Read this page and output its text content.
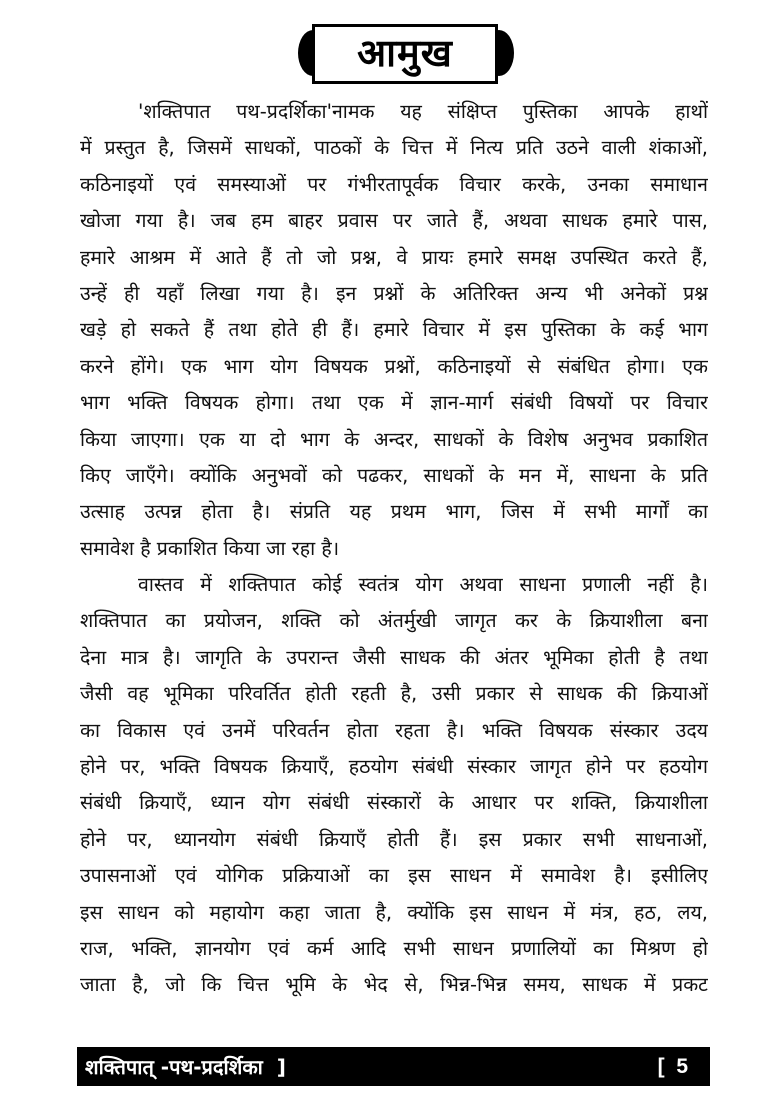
आमुख
'शक्तिपात पथ-प्रदर्शिका'नामक यह संक्षिप्त पुस्तिका आपके हाथों
में प्रस्तुत है, जिसमें साधकों, पाठकों के चित्त में नित्य प्रति उठने वाली शंकाओं,
कठिनाइयों एवं समस्याओं पर गंभीरतापूर्वक विचार करके, उनका समाधान
खोजा गया है। जब हम बाहर प्रवास पर जाते हैं, अथवा साधक हमारे पास,
हमारे आश्रम में आते हैं तो जो प्रश्न, वे प्रायः हमारे समक्ष उपस्थित करते हैं,
उन्हें ही यहाँ लिखा गया है। इन प्रश्नों के अतिरिक्त अन्य भी अनेकों प्रश्न
खड़े हो सकते हैं तथा होते ही हैं। हमारे विचार में इस पुस्तिका के कई भाग
करने होंगे। एक भाग योग विषयक प्रश्नों, कठिनाइयों से संबंधित होगा। एक
भाग भक्ति विषयक होगा। तथा एक में ज्ञान-मार्ग संबंधी विषयों पर विचार
किया जाएगा। एक या दो भाग के अन्दर, साधकों के विशेष अनुभव प्रकाशित
किए जाएँगे। क्योंकि अनुभवों को पढकर, साधकों के मन में, साधना के प्रति
उत्साह उत्पन्न होता है। संप्रति यह प्रथम भाग, जिस में सभी मार्गों का
समावेश है प्रकाशित किया जा रहा है।
वास्तव में शक्तिपात कोई स्वतंत्र योग अथवा साधना प्रणाली नहीं है।
शक्तिपात का प्रयोजन, शक्ति को अंतर्मुखी जागृत कर के क्रियाशीला बना
देना मात्र है। जागृति के उपरान्त जैसी साधक की अंतर भूमिका होती है तथा
जैसी वह भूमिका परिवर्तित होती रहती है, उसी प्रकार से साधक की क्रियाओं
का विकास एवं उनमें परिवर्तन होता रहता है। भक्ति विषयक संस्कार उदय
होने पर, भक्ति विषयक क्रियाएँ, हठयोग संबंधी संस्कार जागृत होने पर हठयोग
संबंधी क्रियाएँ, ध्यान योग संबंधी संस्कारों के आधार पर शक्ति, क्रियाशीला
होने पर, ध्यानयोग संबंधी क्रियाएँ होती हैं। इस प्रकार सभी साधनाओं,
उपासनाओं एवं योगिक प्रक्रियाओं का इस साधन में समावेश है। इसीलिए
इस साधन को महायोग कहा जाता है, क्योंकि इस साधन में मंत्र, हठ, लय,
राज, भक्ति, ज्ञानयोग एवं कर्म आदि सभी साधन प्रणालियों का मिश्रण हो
जाता है, जो कि चित्त भूमि के भेद से, भिन्न-भिन्न समय, साधक में प्रकट
शक्तिपात् -पथ-प्रदर्शिका  ]	[  5
